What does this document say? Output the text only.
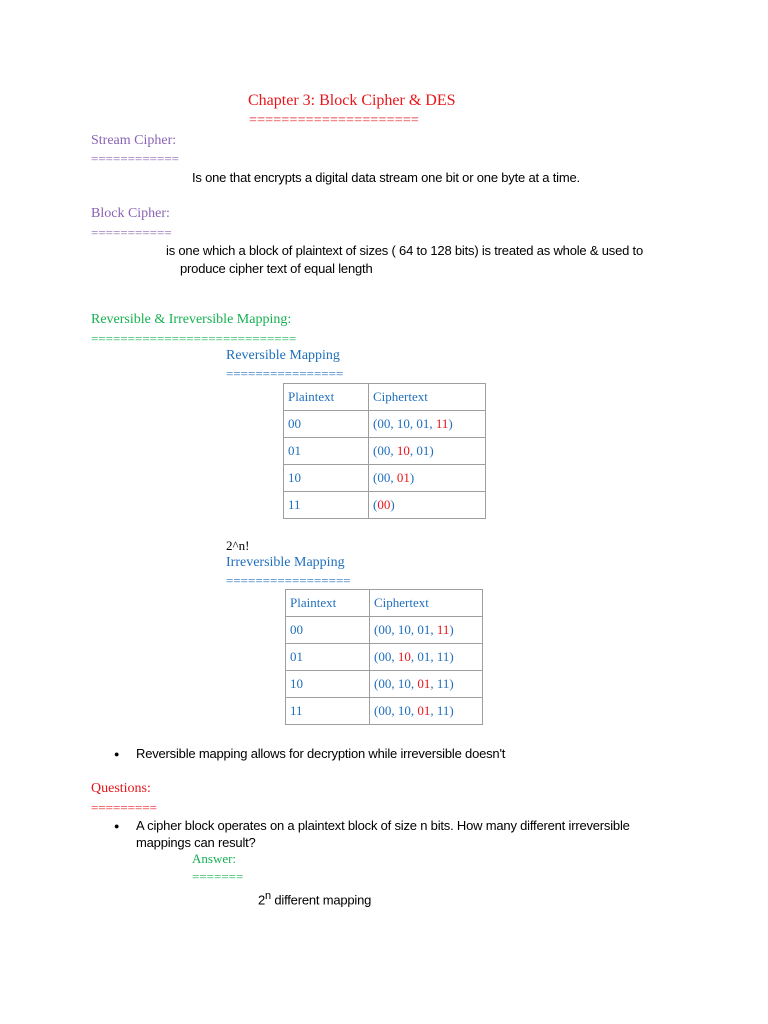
Chapter 3: Block Cipher & DES
=====================
Stream Cipher:
============
Is one that encrypts a digital data stream one bit or one byte at a time.
Block Cipher:
===========
is one which a block of plaintext of sizes ( 64 to 128 bits) is treated as whole & used to
produce cipher text of equal length
Reversible & Irreversible Mapping:
============================
Reversible Mapping
================
Plaintext	Ciphertext
00	(00, 10, 01, 11)
01	(00, 10, 01)
10	(00, 01)
11	(00)
2^n!
Irreversible Mapping
=================
Plaintext	Ciphertext
00	(00, 10, 01, 11)
01	(00, 10, 01, 11)
10	(00, 10, 01, 11)
11	(00, 10, 01, 11)
● Reversible mapping allows for decryption while irreversible doesn't
Questions:
=========
● A cipher block operates on a plaintext block of size n bits. How many different irreversible
mappings can result?
Answer:
=======
$2^n$ different mapping
